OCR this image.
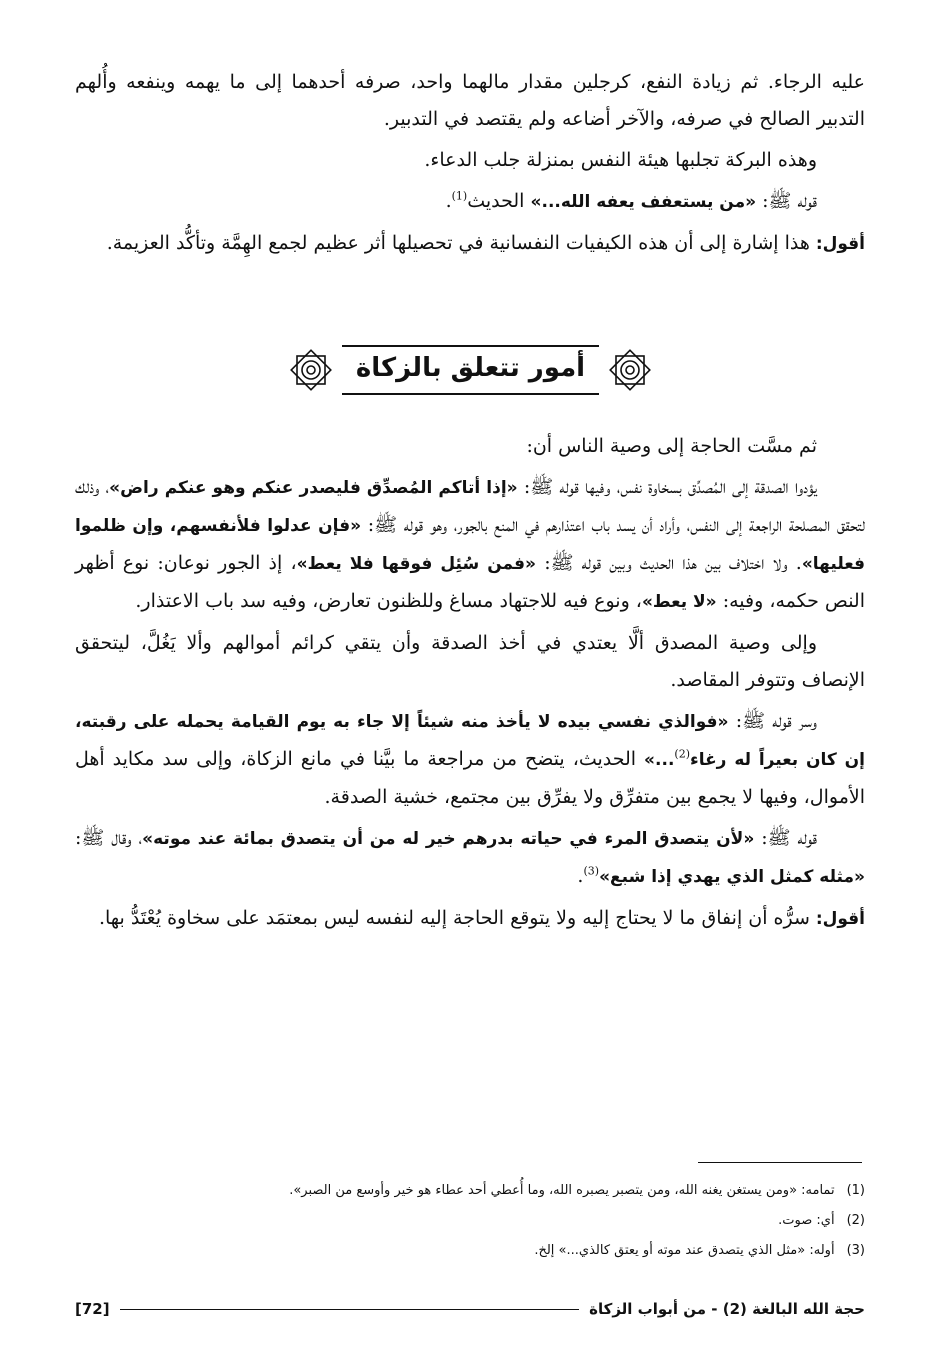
عليه الرجاء. ثم زيادة النفع، كرجلين مقدار مالهما واحد، صرفه أحدهما إلى ما يهمه وينفعه وأُلهم التدبير الصالح في صرفه، والآخر أضاعه ولم يقتصد في التدبير.

وهذه البركة تجلبها هيئة النفس بمنزلة جلب الدعاء.

قوله ﷺ: «من يستعفف يعفه الله...» الحديث$^{(1)}$.

أقول: هذا إشارة إلى أن هذه الكيفيات النفسانية في تحصيلها أثر عظيم لجمع الهِمَّة وتأكُّد العزيمة.

أمور تتعلق بالزكاة

ثم مسَّت الحاجة إلى وصية الناس أن:

يؤدوا الصدقة إلى المُصدِّق بسخاوة نفس، وفيها قوله ﷺ: «إذا أتاكم المُصدِّق فليصدر عنكم وهو عنكم راض»، وذلك لتحقق المصلحة الراجعة إلى النفس، وأراد أن يسد باب اعتذارهم في المنع بالجور، وهو قوله ﷺ: «فإن عدلوا فلأنفسهم، وإن ظلموا فعليها». ولا اختلاف بين هذا الحديث وبين قوله ﷺ: «فمن سُئِل فوقها فلا يعط»، إذ الجور نوعان: نوع أظهر النص حكمه، وفيه: «لا يعط»، ونوع فيه للاجتهاد مساغ وللظنون تعارض، وفيه سد باب الاعتذار.

وإلى وصية المصدق ألَّا يعتدي في أخذ الصدقة وأن يتقي كرائم أموالهم وألا يَغُلَّ، ليتحقق الإنصاف وتتوفر المقاصد.

وسر قوله ﷺ: «فوالذي نفسي بيده لا يأخذ منه شيئاً إلا جاء به يوم القيامة يحمله على رقبته، إن كان بعيراً له رغاء$^{(2)}$...» الحديث، يتضح من مراجعة ما بيَّنا في مانع الزكاة، وإلى سد مكايد أهل الأموال، وفيها لا يجمع بين متفرِّق ولا يفرِّق بين مجتمع، خشية الصدقة.

قوله ﷺ: «لأن يتصدق المرء في حياته بدرهم خير له من أن يتصدق بمائة عند موته»، وقال ﷺ: «مثله كمثل الذي يهدي إذا شبع»$^{(3)}$.

أقول: سرُّه أن إنفاق ما لا يحتاج إليه ولا يتوقع الحاجة إليه لنفسه ليس بمعتمَد على سخاوة يُعْتَدُّ بها.

(1)
تمامه: «ومن يستغن يغنه الله، ومن يتصبر يصبره الله، وما أُعطي أحد عطاء هو خير وأوسع من الصبر».
(2)
أي: صوت.
(3)
أوله: «مثل الذي يتصدق عند موته أو يعتق كالذي...» إلخ.
حجة الله البالغة (2) - من أبواب الزكاة
[72]
